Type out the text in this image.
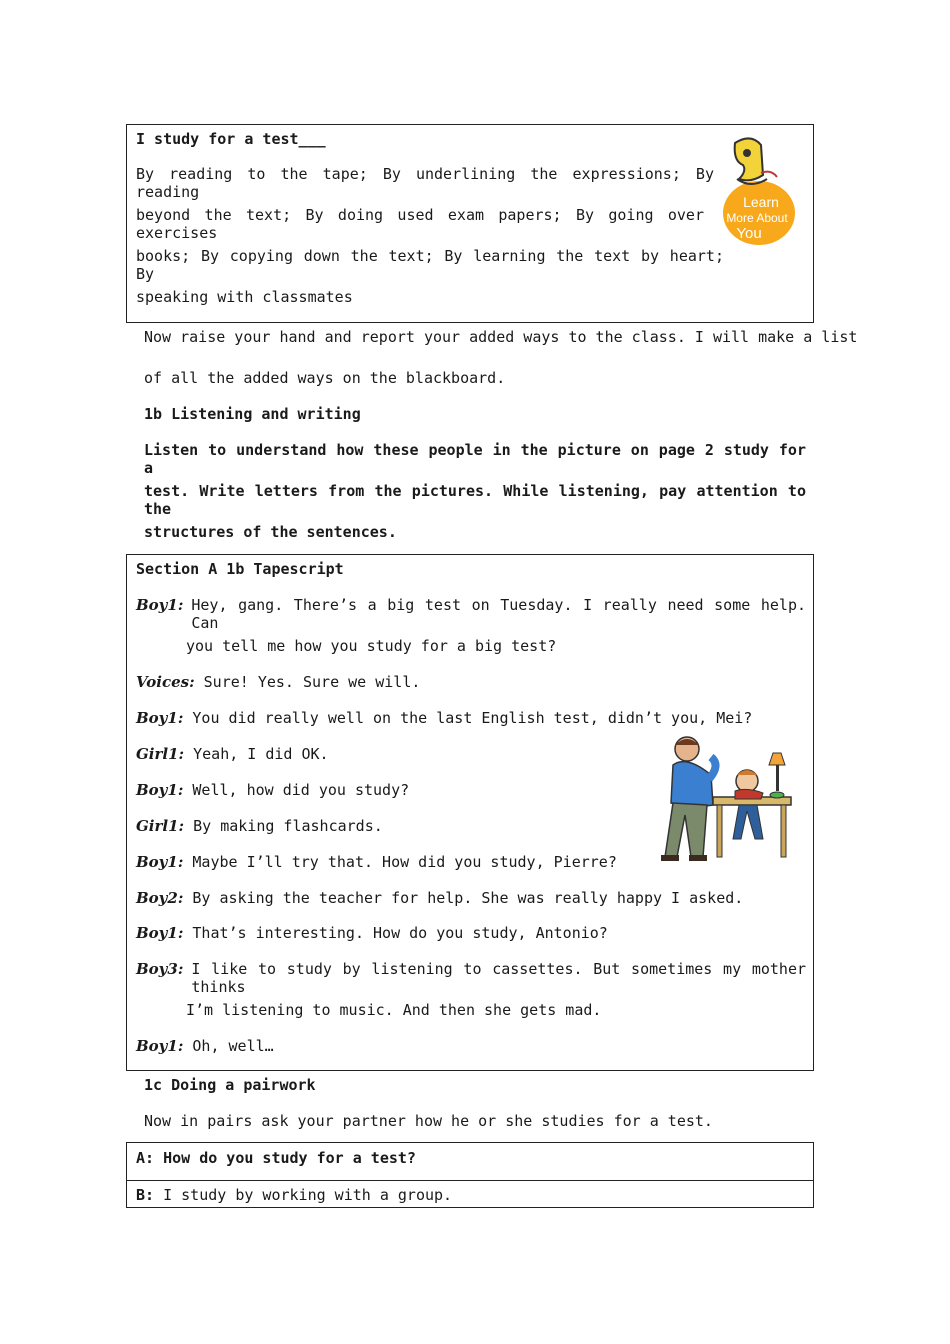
I study for a test___
By reading to the tape; By underlining the expressions; By reading
beyond the text; By doing used exam papers; By going over exercises
books; By copying down the text; By learning the text by heart; By
speaking with classmates
Learn
More About
You
Now raise your hand and report your added ways to the class. I will make a list
of all the added ways on the blackboard.
1b Listening and writing
Listen to understand how these people in the picture on page 2 study for a
test. Write letters from the pictures. While listening, pay attention to the
structures of the sentences.
Section A 1b Tapescript
Boy1: Hey, gang. There’s a big test on Tuesday. I really need some help. Can
you tell me how you study for a big test?
Voices: Sure! Yes. Sure we will.
Boy1: You did really well on the last English test, didn’t you, Mei?
Girl1: Yeah, I did OK.
Boy1: Well, how did you study?
Girl1: By making flashcards.
Boy1: Maybe I’ll try that. How did you study, Pierre?
Boy2: By asking the teacher for help. She was really happy I asked.
Boy1: That’s interesting. How do you study, Antonio?
Boy3: I like to study by listening to cassettes. But sometimes my mother thinks
I’m listening to music. And then she gets mad.
Boy1: Oh, well…
1c Doing a pairwork
Now in pairs ask your partner how he or she studies for a test.
A: How do you study for a test?
B: I study by working with a group.
